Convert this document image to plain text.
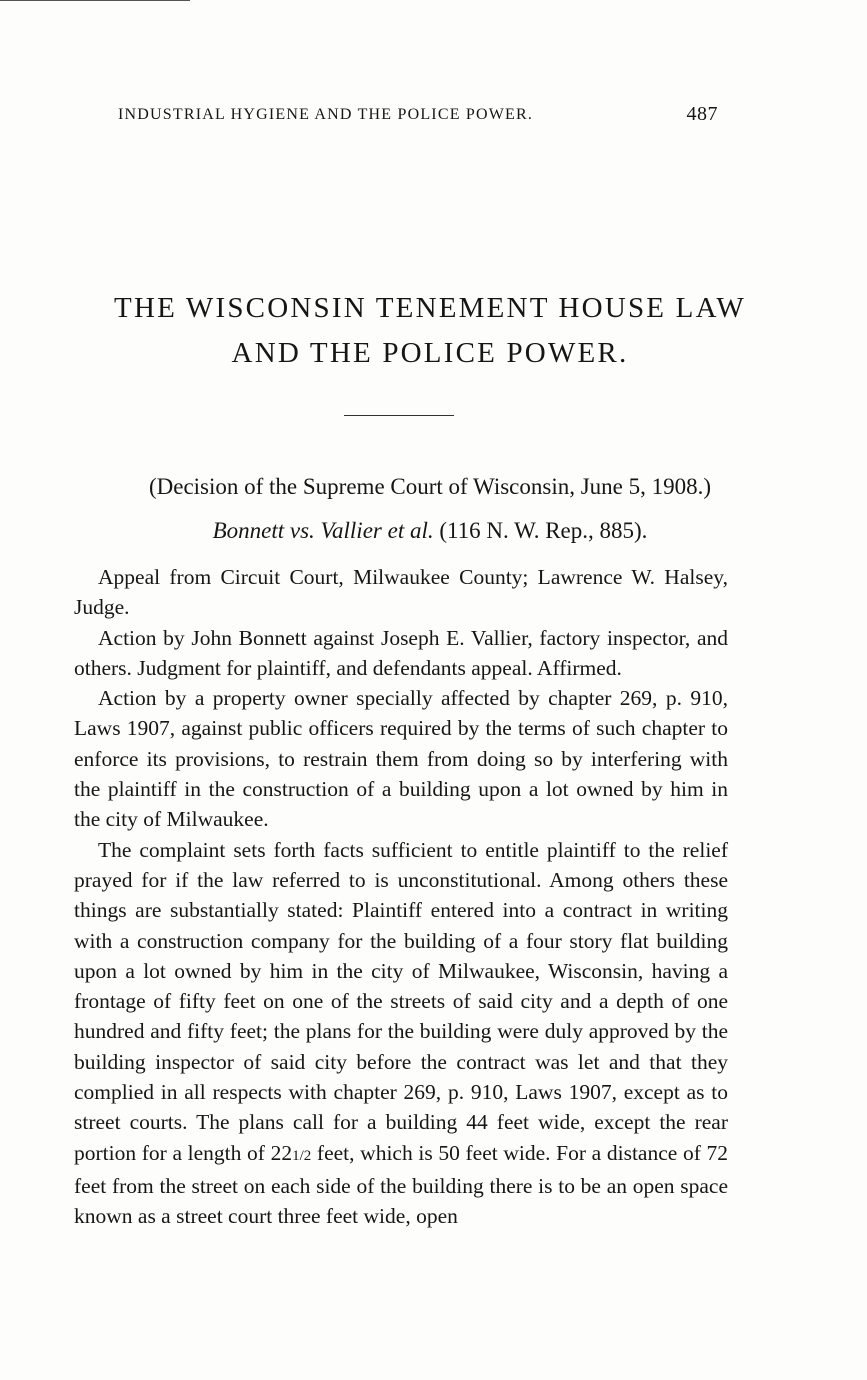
INDUSTRIAL HYGIENE AND THE POLICE POWER.	487
THE WISCONSIN TENEMENT HOUSE LAW
AND THE POLICE POWER.

(Decision of the Supreme Court of Wisconsin, June 5, 1908.)

Bonnett vs. Vallier et al. (116 N. W. Rep., 885).

Appeal from Circuit Court, Milwaukee County; Lawrence W. Halsey, Judge.

Action by John Bonnett against Joseph E. Vallier, factory inspector, and others. Judgment for plaintiff, and defendants appeal. Affirmed.

Action by a property owner specially affected by chapter 269, p. 910, Laws 1907, against public officers required by the terms of such chapter to enforce its provisions, to restrain them from doing so by interfering with the plaintiff in the construction of a building upon a lot owned by him in the city of Milwaukee.

The complaint sets forth facts sufficient to entitle plaintiff to the relief prayed for if the law referred to is unconstitutional. Among others these things are substantially stated: Plaintiff entered into a contract in writing with a construction company for the building of a four story flat building upon a lot owned by him in the city of Milwaukee, Wisconsin, having a frontage of fifty feet on one of the streets of said city and a depth of one hundred and fifty feet; the plans for the building were duly approved by the building inspector of said city before the contract was let and that they complied in all respects with chapter 269, p. 910, Laws 1907, except as to street courts. The plans call for a building 44 feet wide, except the rear portion for a length of 221/2 feet, which is 50 feet wide. For a distance of 72 feet from the street on each side of the building there is to be an open space known as a street court three feet wide, open
